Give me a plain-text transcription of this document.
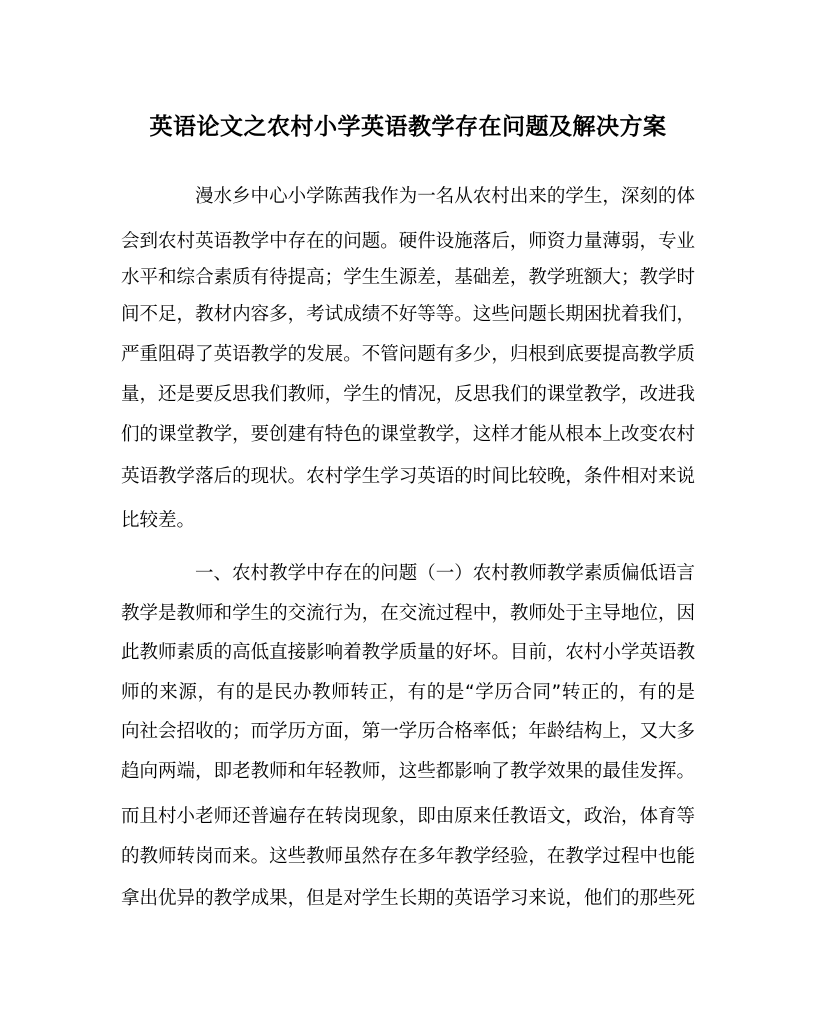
英语论文之农村小学英语教学存在问题及解决方案
漫水乡中心小学陈茜我作为一名从农村出来的学生，深刻的体
会到农村英语教学中存在的问题。硬件设施落后，师资力量薄弱，专业
水平和综合素质有待提高；学生生源差，基础差，教学班额大；教学时
间不足，教材内容多，考试成绩不好等等。这些问题长期困扰着我们，
严重阻碍了英语教学的发展。不管问题有多少，归根到底要提高教学质
量，还是要反思我们教师，学生的情况，反思我们的课堂教学，改进我
们的课堂教学，要创建有特色的课堂教学，这样才能从根本上改变农村
英语教学落后的现状。农村学生学习英语的时间比较晚，条件相对来说
比较差。
一、农村教学中存在的问题（一）农村教师教学素质偏低语言
教学是教师和学生的交流行为，在交流过程中，教师处于主导地位，因
此教师素质的高低直接影响着教学质量的好坏。目前，农村小学英语教
师的来源，有的是民办教师转正，有的是“学历合同”转正的，有的是
向社会招收的；而学历方面，第一学历合格率低；年龄结构上，又大多
趋向两端，即老教师和年轻教师，这些都影响了教学效果的最佳发挥。
而且村小老师还普遍存在转岗现象，即由原来任教语文，政治，体育等
的教师转岗而来。这些教师虽然存在多年教学经验，在教学过程中也能
拿出优异的教学成果，但是对学生长期的英语学习来说，他们的那些死
